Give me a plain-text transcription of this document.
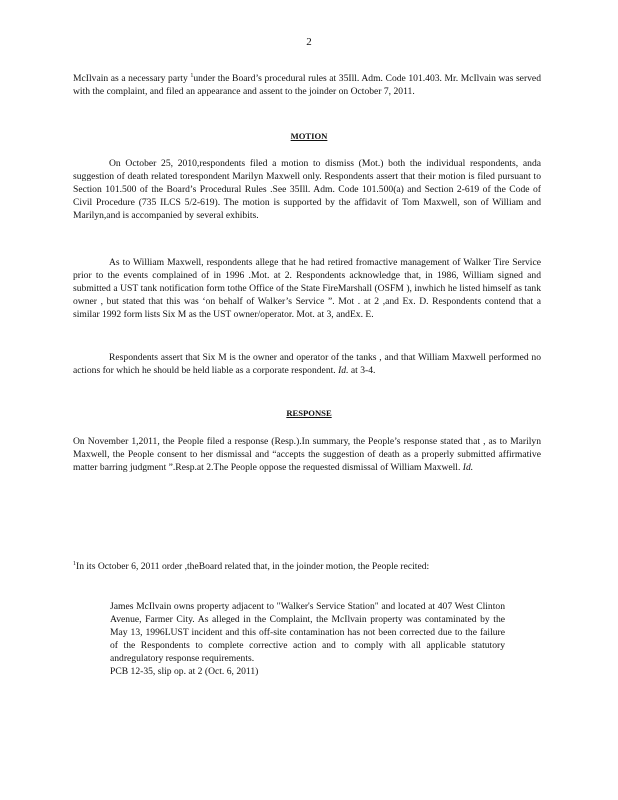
2

McIlvain as a necessary party $^1$under the Board’s procedural rules at 35Ill. Adm. Code 101.403. Mr. McIlvain was served with the complaint, and filed an appearance and assent to the joinder on October 7, 2011.

MOTION

On October 25, 2010,respondents filed a motion to dismiss (Mot.) both the individual respondents, anda suggestion of death related torespondent Marilyn Maxwell only. Respondents assert that their motion is filed pursuant to Section 101.500 of the Board’s Procedural Rules .See 35Ill. Adm. Code 101.500(a) and Section 2-619 of the Code of Civil Procedure (735 ILCS 5/2-619). The motion is supported by the affidavit of Tom Maxwell, son of William and Marilyn,and is accompanied by several exhibits.

As to William Maxwell, respondents allege that he had retired fromactive management of Walker Tire Service prior to the events complained of in 1996 .Mot. at 2. Respondents acknowledge that, in 1986, William signed and submitted a UST tank notification form tothe Office of the State FireMarshall (OSFM ), inwhich he listed himself as tank owner , but stated that this was ‘on behalf of Walker’s Service ”. Mot . at 2 ,and Ex. D. Respondents contend that a similar 1992 form lists Six M as the UST owner/operator. Mot. at 3, andEx. E.

Respondents assert that Six M is the owner and operator of the tanks , and that William Maxwell performed no actions for which he should be held liable as a corporate respondent. Id. at 3-4.

RESPONSE

On November 1,2011, the People filed a response (Resp.).In summary, the People’s response stated that , as to Marilyn Maxwell, the People consent to her dismissal and “accepts the suggestion of death as a properly submitted affirmative matter barring judgment ”.Resp.at 2.The People oppose the requested dismissal of William Maxwell. Id.

$^1$In its October 6, 2011 order ,theBoard related that, in the joinder motion, the People recited:

James McIlvain owns property adjacent to "Walker's Service Station" and located at 407 West Clinton Avenue, Farmer City. As alleged in the Complaint, the McIlvain property was contaminated by the May 13, 1996LUST incident and this off-site contamination has not been corrected due to the failure of the Respondents to complete corrective action and to comply with all applicable statutory andregulatory response requirements.
PCB 12-35, slip op. at 2 (Oct. 6, 2011)
